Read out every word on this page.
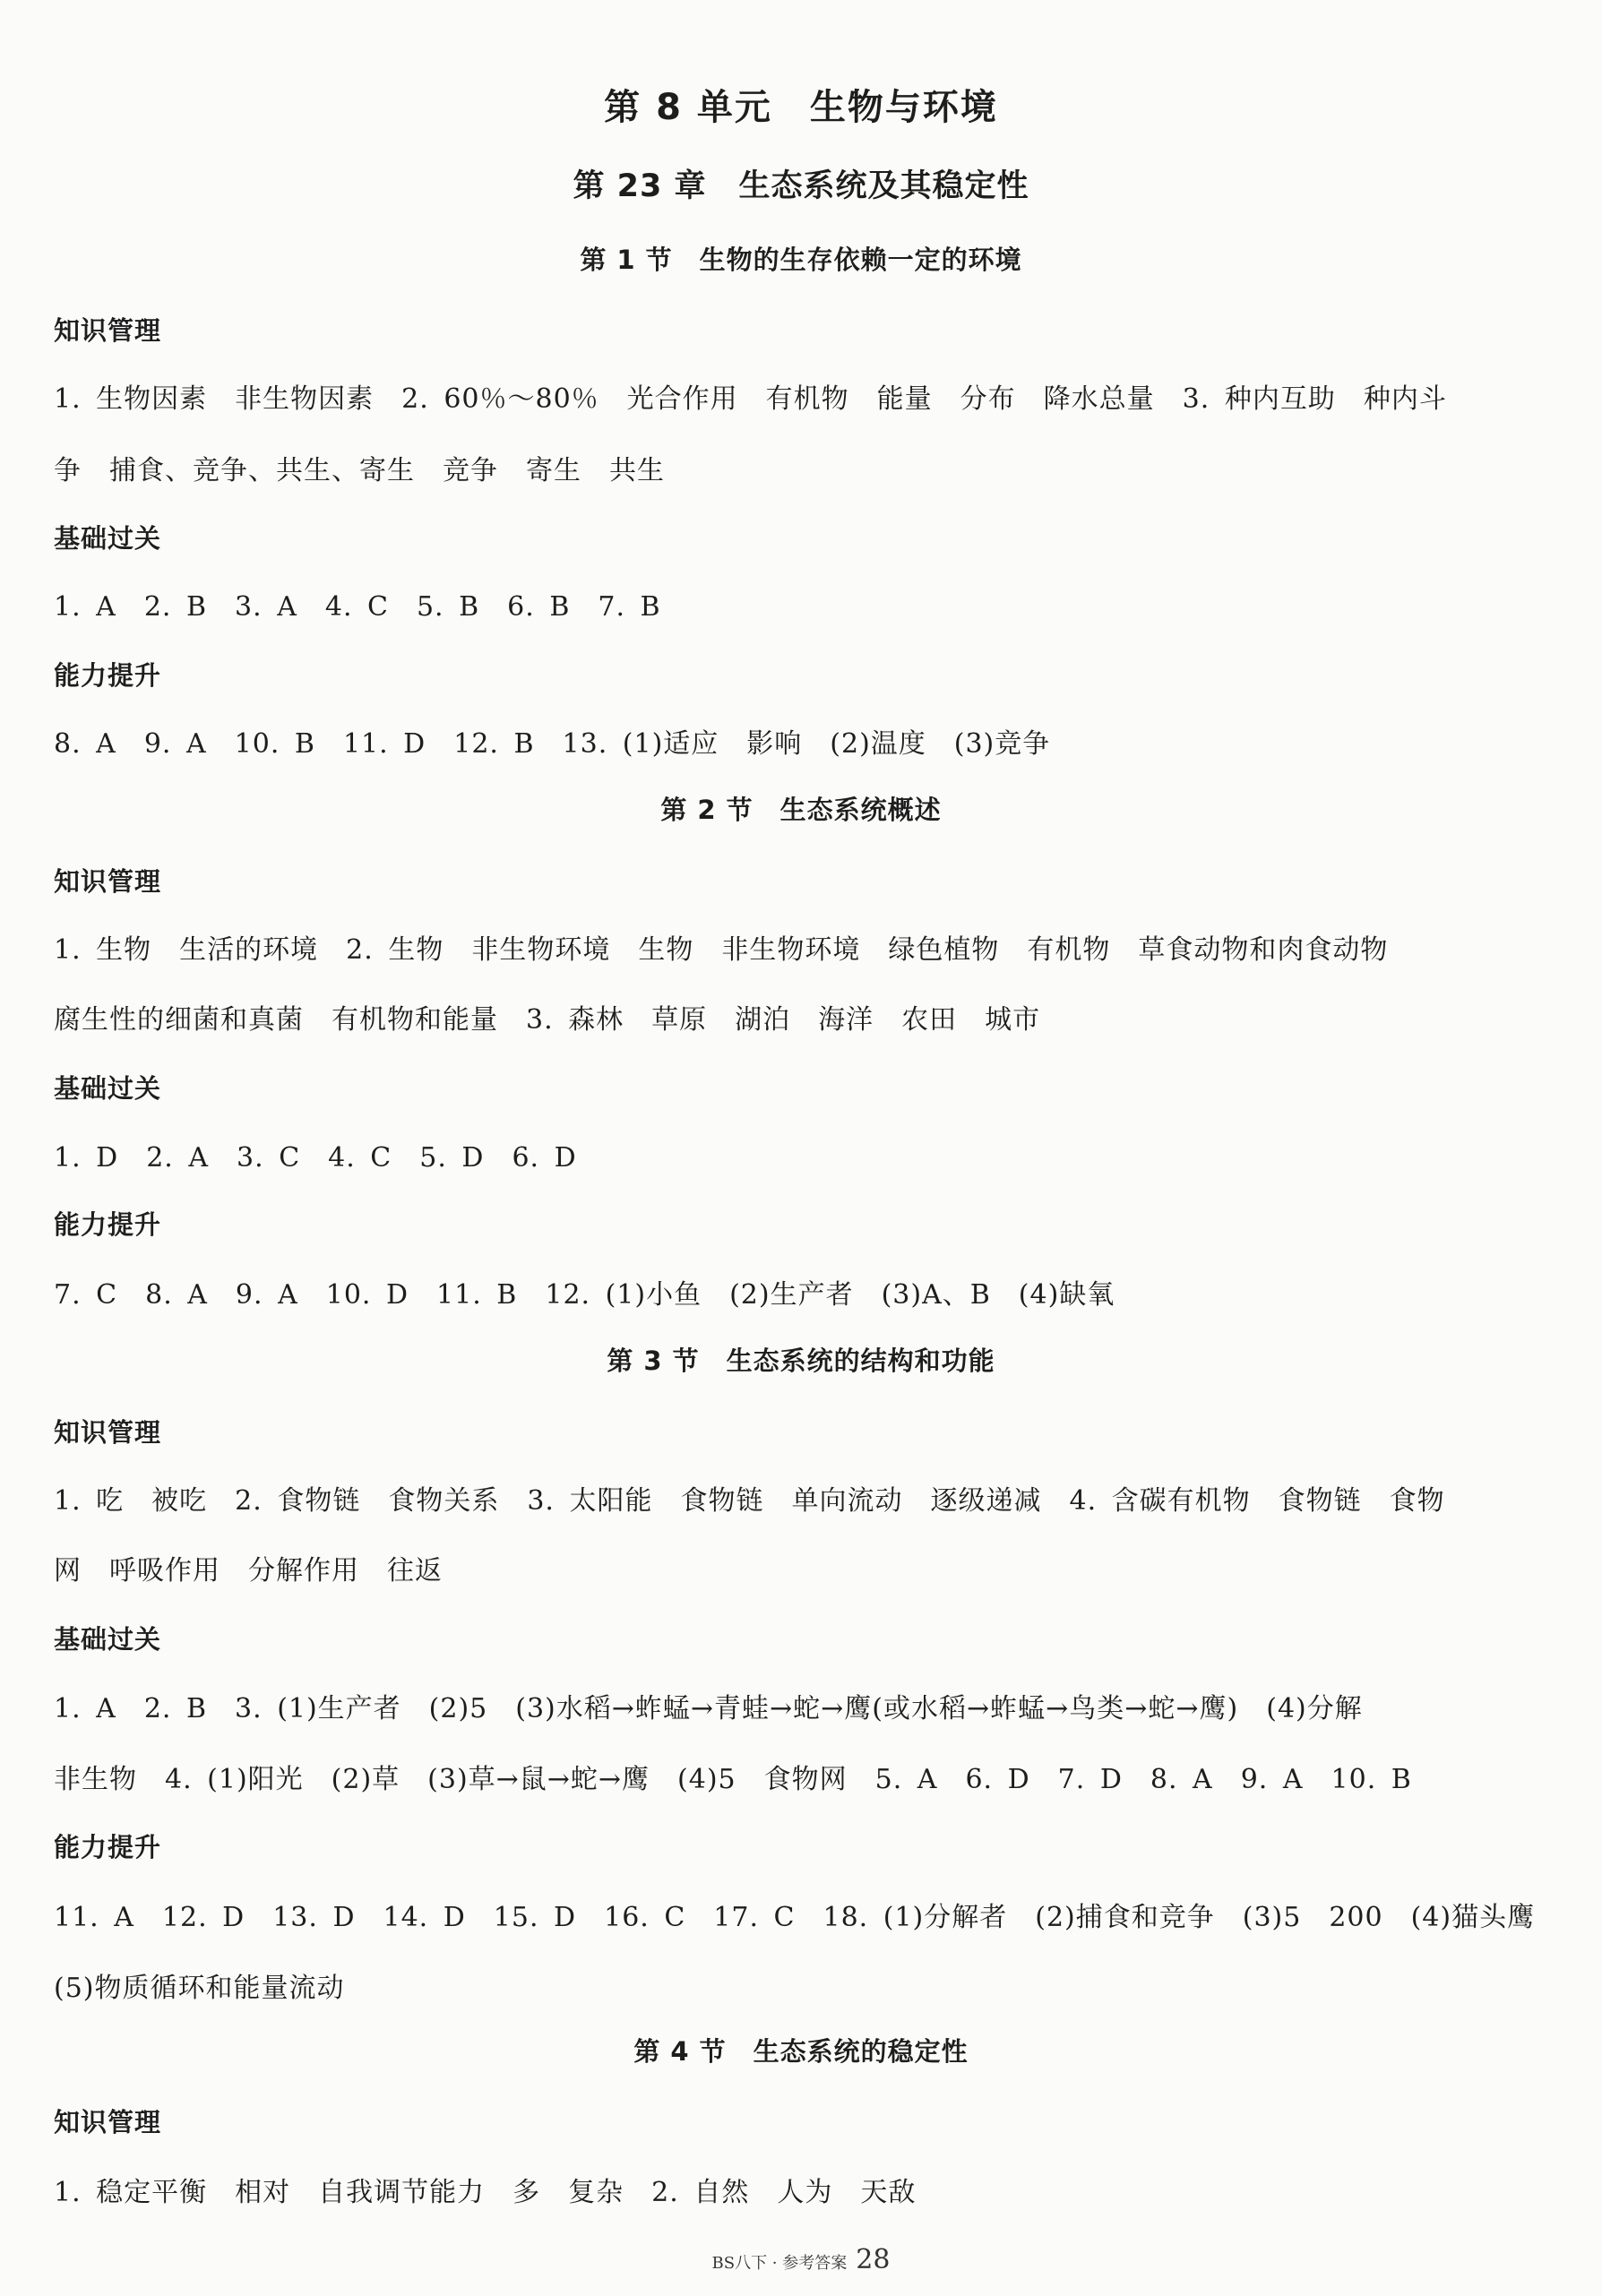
第 8 单元　生物与环境
第 23 章　生态系统及其稳定性
第 1 节　生物的生存依赖一定的环境
知识管理
1. 生物因素　非生物因素　2. 60％～80％　光合作用　有机物　能量　分布　降水总量　3. 种内互助　种内斗
争　捕食、竞争、共生、寄生　竞争　寄生　共生
基础过关
1. A　2. B　3. A　4. C　5. B　6. B　7. B
能力提升
8. A　9. A　10. B　11. D　12. B　13. (1)适应　影响　(2)温度　(3)竞争
第 2 节　生态系统概述
知识管理
1. 生物　生活的环境　2. 生物　非生物环境　生物　非生物环境　绿色植物　有机物　草食动物和肉食动物
腐生性的细菌和真菌　有机物和能量　3. 森林　草原　湖泊　海洋　农田　城市
基础过关
1. D　2. A　3. C　4. C　5. D　6. D
能力提升
7. C　8. A　9. A　10. D　11. B　12. (1)小鱼　(2)生产者　(3)A、B　(4)缺氧
第 3 节　生态系统的结构和功能
知识管理
1. 吃　被吃　2. 食物链　食物关系　3. 太阳能　食物链　单向流动　逐级递减　4. 含碳有机物　食物链　食物
网　呼吸作用　分解作用　往返
基础过关
1. A　2. B　3. (1)生产者　(2)5　(3)水稻→蚱蜢→青蛙→蛇→鹰(或水稻→蚱蜢→鸟类→蛇→鹰)　(4)分解
非生物　4. (1)阳光　(2)草　(3)草→鼠→蛇→鹰　(4)5　食物网　5. A　6. D　7. D　8. A　9. A　10. B
能力提升
11. A　12. D　13. D　14. D　15. D　16. C　17. C　18. (1)分解者　(2)捕食和竞争　(3)5　200　(4)猫头鹰
(5)物质循环和能量流动
第 4 节　生态系统的稳定性
知识管理
1. 稳定平衡　相对　自我调节能力　多　复杂　2. 自然　人为　天敌
BS八下 · 参考答案 28
